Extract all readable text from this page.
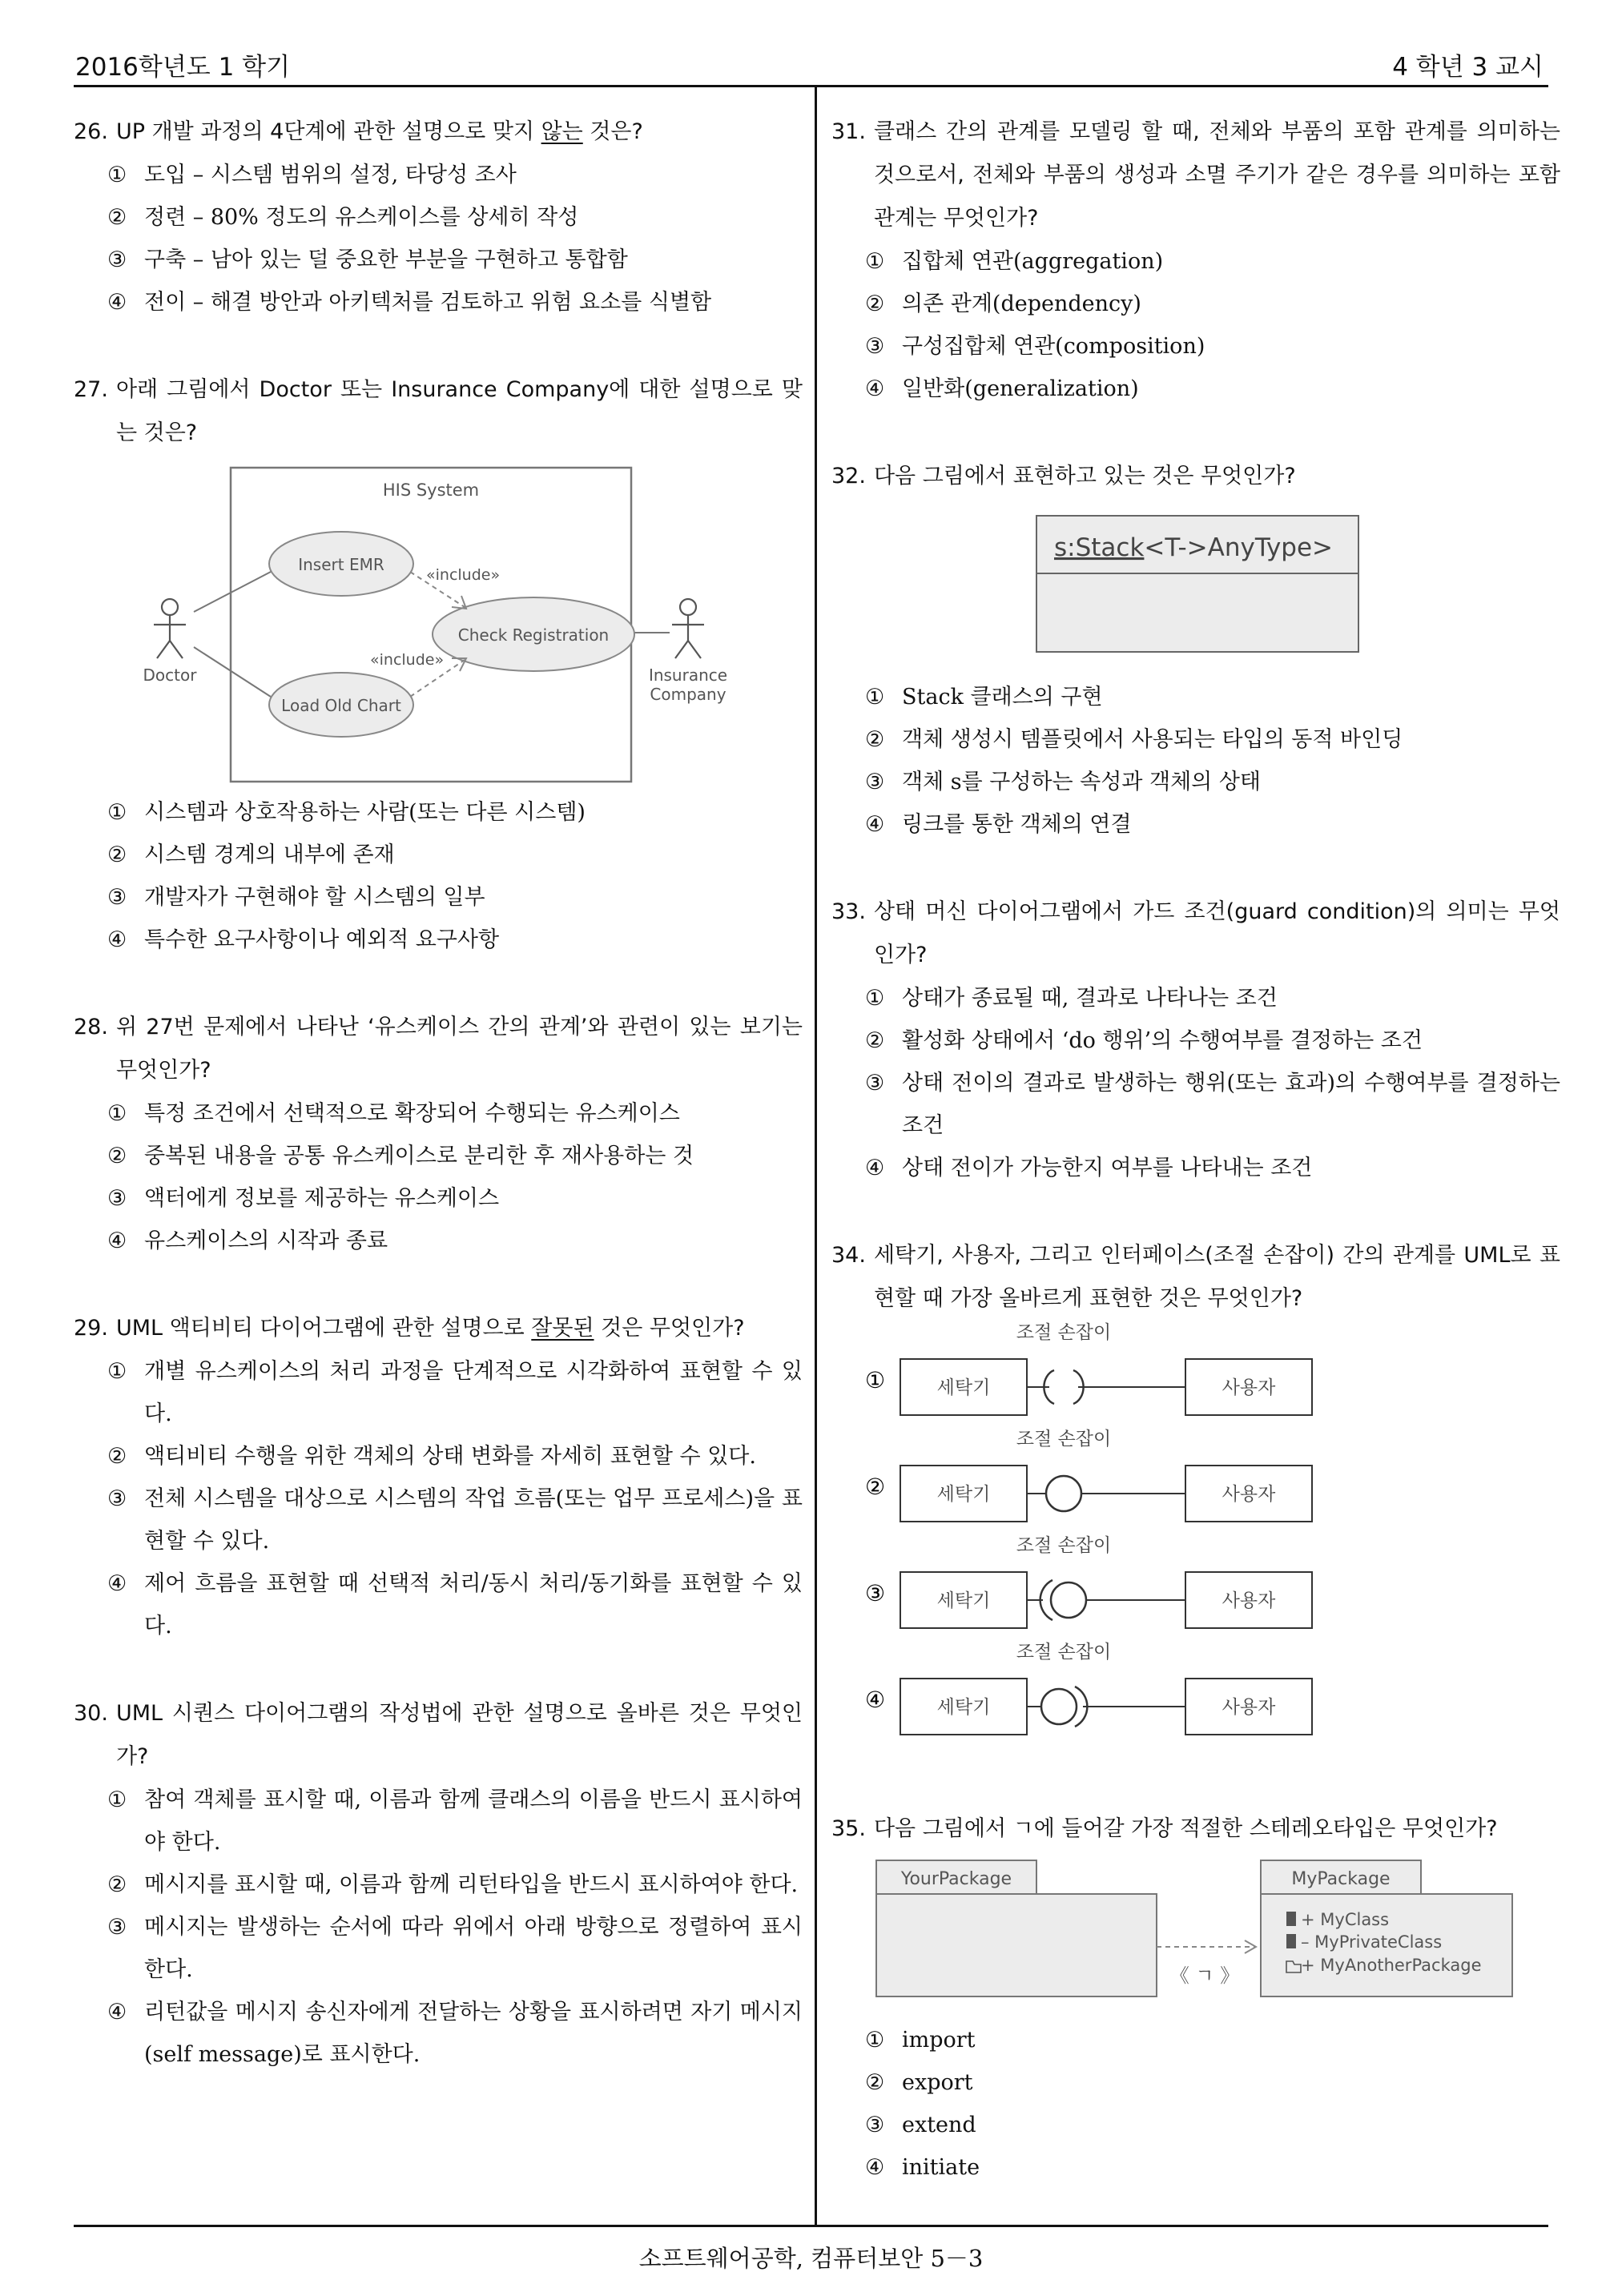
2016학년도 1 학기	4 학년 3 교시
소프트웨어공학, 컴퓨터보안 5－3
26. UP 개발 과정의 4단계에 관한 설명으로 맞지 않는 것은?
① 도입 – 시스템 범위의 설정, 타당성 조사
② 정련 – 80% 정도의 유스케이스를 상세히 작성
③ 구축 – 남아 있는 덜 중요한 부분을 구현하고 통합함
④ 전이 – 해결 방안과 아키텍처를 검토하고 위험 요소를 식별함
27. 아래 그림에서 Doctor 또는 Insurance Company에 대한 설명으로 맞는 것은?
HIS System
Doctor	Insurance
Company
Insert EMR
Check Registration
Load Old Chart
«include»
«include»
① 시스템과 상호작용하는 사람(또는 다른 시스템)
② 시스템 경계의 내부에 존재
③ 개발자가 구현해야 할 시스템의 일부
④ 특수한 요구사항이나 예외적 요구사항
28. 위 27번 문제에서 나타난 ‘유스케이스 간의 관계’와 관련이 있는 보기는 무엇인가?
① 특정 조건에서 선택적으로 확장되어 수행되는 유스케이스
② 중복된 내용을 공통 유스케이스로 분리한 후 재사용하는 것
③ 액터에게 정보를 제공하는 유스케이스
④ 유스케이스의 시작과 종료
29. UML 액티비티 다이어그램에 관한 설명으로 잘못된 것은 무엇인가?
① 개별 유스케이스의 처리 과정을 단계적으로 시각화하여 표현할 수 있다.
② 액티비티 수행을 위한 객체의 상태 변화를 자세히 표현할 수 있다.
③ 전체 시스템을 대상으로 시스템의 작업 흐름(또는 업무 프로세스)을 표현할 수 있다.
④ 제어 흐름을 표현할 때 선택적 처리/동시 처리/동기화를 표현할 수 있다.
30. UML 시퀀스 다이어그램의 작성법에 관한 설명으로 올바른 것은 무엇인가?
① 참여 객체를 표시할 때, 이름과 함께 클래스의 이름을 반드시 표시하여야 한다.
② 메시지를 표시할 때, 이름과 함께 리턴타입을 반드시 표시하여야 한다.
③ 메시지는 발생하는 순서에 따라 위에서 아래 방향으로 정렬하여 표시한다.
④ 리턴값을 메시지 송신자에게 전달하는 상황을 표시하려면 자기 메시지(self message)로 표시한다.
31. 클래스 간의 관계를 모델링 할 때, 전체와 부품의 포함 관계를 의미하는 것으로서, 전체와 부품의 생성과 소멸 주기가 같은 경우를 의미하는 포함 관계는 무엇인가?
① 집합체 연관(aggregation)
② 의존 관계(dependency)
③ 구성집합체 연관(composition)
④ 일반화(generalization)
32. 다음 그림에서 표현하고 있는 것은 무엇인가?
s:Stack<T->AnyType>
① Stack 클래스의 구현
② 객체 생성시 템플릿에서 사용되는 타입의 동적 바인딩
③ 객체 s를 구성하는 속성과 객체의 상태
④ 링크를 통한 객체의 연결
33. 상태 머신 다이어그램에서 가드 조건(guard condition)의 의미는 무엇인가?
① 상태가 종료될 때, 결과로 나타나는 조건
② 활성화 상태에서 ‘do 행위’의 수행여부를 결정하는 조건
③ 상태 전이의 결과로 발생하는 행위(또는 효과)의 수행여부를 결정하는 조건
④ 상태 전이가 가능한지 여부를 나타내는 조건
34. 세탁기, 사용자, 그리고 인터페이스(조절 손잡이) 간의 관계를 UML로 표현할 때 가장 올바르게 표현한 것은 무엇인가?
①
조절 손잡이
세탁기	사용자
②
조절 손잡이
세탁기	사용자
③
조절 손잡이
세탁기	사용자
④
조절 손잡이
세탁기	사용자
35. 다음 그림에서 ㄱ에 들어갈 가장 적절한 스테레오타입은 무엇인가?
YourPackage	MyPackage
《 ㄱ 》
+ MyClass
– MyPrivateClass
+ MyAnotherPackage
① import
② export
③ extend
④ initiate
